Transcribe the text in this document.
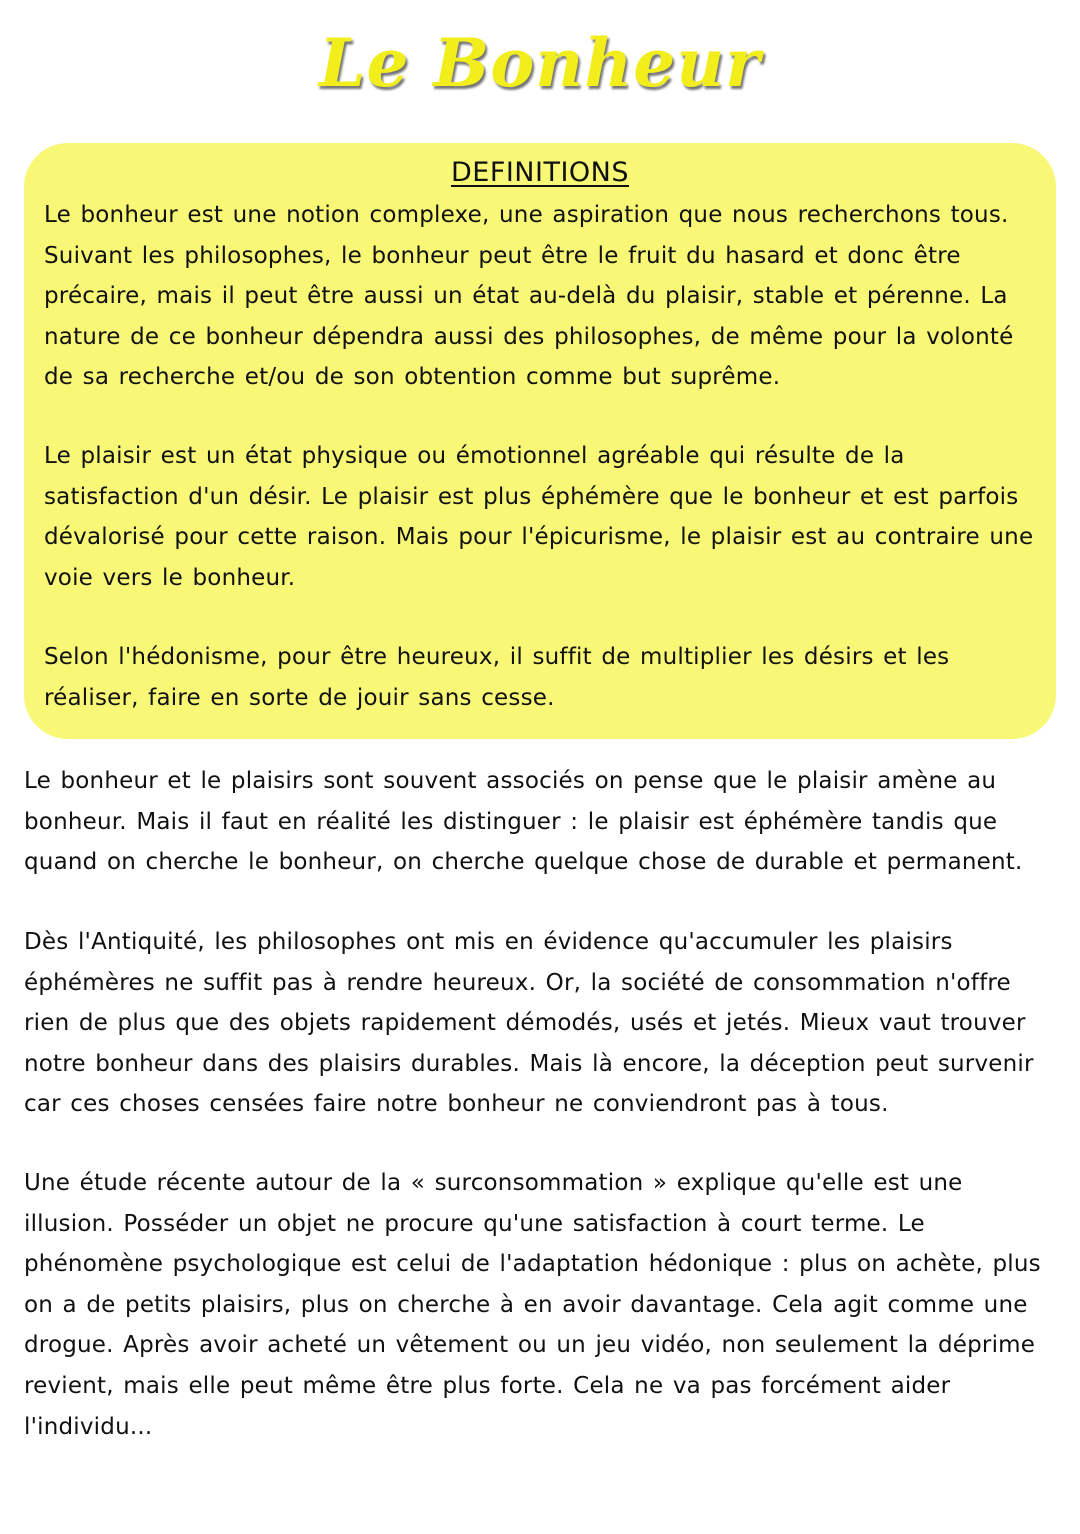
Le Bonheur
DEFINITIONS

Le bonheur est une notion complexe, une aspiration que nous recherchons tous. Suivant les philosophes, le bonheur peut être le fruit du hasard et donc être précaire, mais il peut être aussi un état au-delà du plaisir, stable et pérenne. La nature de ce bonheur dépendra aussi des philosophes, de même pour la volonté de sa recherche et/ou de son obtention comme but suprême.

Le plaisir est un état physique ou émotionnel agréable qui résulte de la satisfaction d'un désir. Le plaisir est plus éphémère que le bonheur et est parfois dévalorisé pour cette raison. Mais pour l'épicurisme, le plaisir est au contraire une voie vers le bonheur.

Selon l'hédonisme, pour être heureux, il suffit de multiplier les désirs et les réaliser, faire en sorte de jouir sans cesse.

Le bonheur et le plaisirs sont souvent associés on pense que le plaisir amène au bonheur. Mais il faut en réalité les distinguer : le plaisir est éphémère tandis que quand on cherche le bonheur, on cherche quelque chose de durable et permanent.

Dès l'Antiquité, les philosophes ont mis en évidence qu'accumuler les plaisirs éphémères ne suffit pas à rendre heureux. Or, la société de consommation n'offre rien de plus que des objets rapidement démodés, usés et jetés. Mieux vaut trouver notre bonheur dans des plaisirs durables. Mais là encore, la déception peut survenir car ces choses censées faire notre bonheur ne conviendront pas à tous.

Une étude récente autour de la « surconsommation » explique qu'elle est une illusion. Posséder un objet ne procure qu'une satisfaction à court terme. Le phénomène psychologique est celui de l'adaptation hédonique : plus on achète, plus on a de petits plaisirs, plus on cherche à en avoir davantage. Cela agit comme une drogue. Après avoir acheté un vêtement ou un jeu vidéo, non seulement la déprime revient, mais elle peut même être plus forte. Cela ne va pas forcément aider l'individu...
